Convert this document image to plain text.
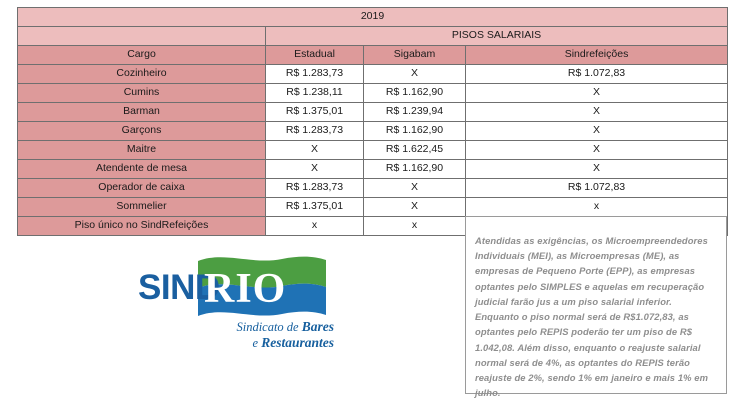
2019			
	PISOS SALARIAIS		
Cargo	Estadual	Sigabam	Sindrefeições
Cozinheiro	R$ 1.283,73	X	R$ 1.072,83
Cumins	R$ 1.238,11	R$ 1.162,90	X
Barman	R$ 1.375,01	R$ 1.239,94	X
Garçons	R$ 1.283,73	R$ 1.162,90	X
Maitre	X	R$ 1.622,45	X
Atendente de mesa	X	R$ 1.162,90	X
Operador de caixa	R$ 1.283,73	X	R$ 1.072,83
Sommelier	R$ 1.375,01	X	x
Piso único no SindRefeições	x	x	
SIND
RIO
Sindicato de Bares
e Restaurantes

Atendidas as exigências, os Microempreendedores Individuais (MEI), as Microempresas (ME), as empresas de Pequeno Porte (EPP), as empresas optantes pelo SIMPLES e aquelas em recuperação judicial farão jus a um piso salarial inferior. Enquanto o piso normal será de R$1.072,83, as optantes pelo REPIS poderão ter um piso de R$ 1.042,08. Além disso, enquanto o reajuste salarial normal será de 4%, as optantes do REPIS terão reajuste de 2%, sendo 1% em janeiro e mais 1% em julho.
